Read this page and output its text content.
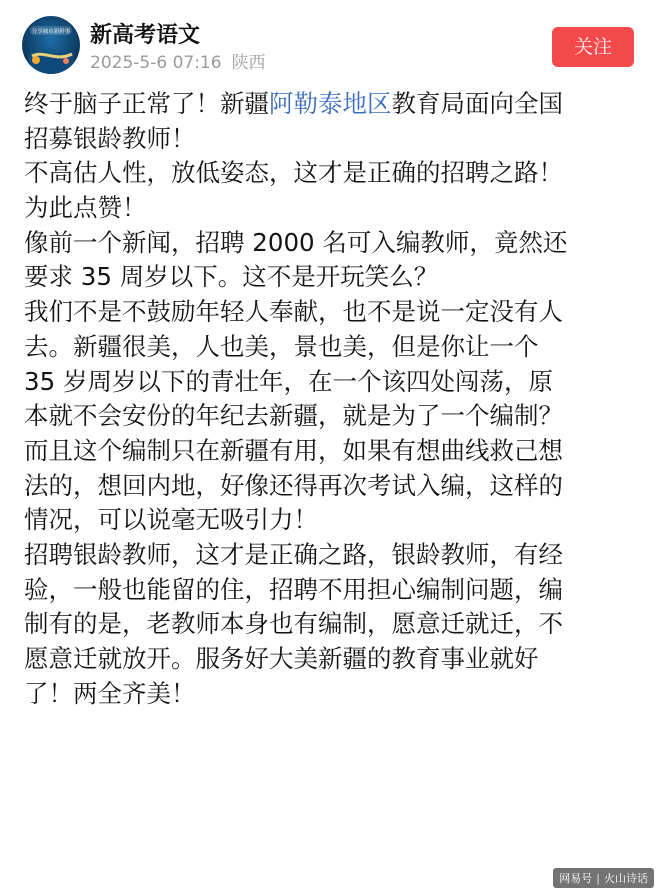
分享城市新鲜事 新高考语文
2025-5-6 07:16 陕西
关注

终于脑子正常了！新疆阿勒泰地区教育局面向全国

招募银龄教师！

不高估人性，放低姿态，这才是正确的招聘之路！

为此点赞！

像前一个新闻，招聘 2000 名可入编教师，竟然还

要求 35 周岁以下。这不是开玩笑么？

我们不是不鼓励年轻人奉献，也不是说一定没有人

去。新疆很美，人也美，景也美，但是你让一个

35 岁周岁以下的青壮年，在一个该四处闯荡，原

本就不会安份的年纪去新疆，就是为了一个编制？

而且这个编制只在新疆有用，如果有想曲线救己想

法的，想回内地，好像还得再次考试入编，这样的

情况，可以说毫无吸引力！

招聘银龄教师，这才是正确之路，银龄教师，有经

验，一般也能留的住，招聘不用担心编制问题，编

制有的是，老教师本身也有编制，愿意迁就迁，不

愿意迁就放开。服务好大美新疆的教育事业就好

了！两全齐美！

网易号 | 火山诗话
